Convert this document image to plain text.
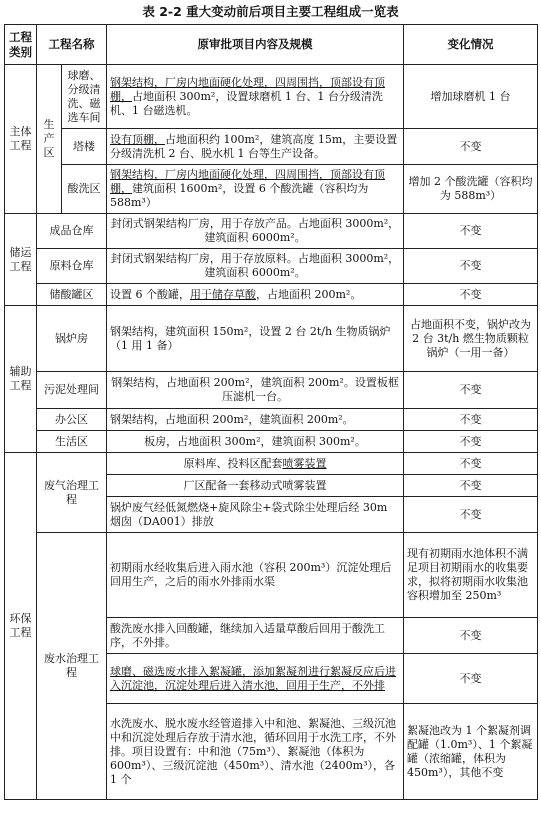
表 2-2 重大变动前后项目主要工程组成一览表
工程类别	工程名称		原审批项目内容及规模	变化情况
主体工程	生产区	球磨、分级清洗、磁选车间	钢架结构，厂房内地面硬化处理，四周围挡，顶部设有顶棚，占地面积 300m²，设置球磨机 1 台、1 台分级清洗机、1 台磁选机。	增加球磨机 1 台
		塔楼	设有顶棚，占地面积约 100m²，建筑高度 15m，主要设置分级清洗机 2 台、脱水机 1 台等生产设备。	不变
		酸洗区	钢架结构，厂房内地面硬化处理，四周围挡，顶部设有顶棚，建筑面积 1600m²，设置 6 个酸洗罐（容积均为 588m³）	增加 2 个酸洗罐（容积均为 588m³）
储运工程	成品仓库		封闭式钢架结构厂房，用于存放产品。占地面积 3000m²，建筑面积 6000m²。	不变
	原料仓库		封闭式钢架结构厂房，用于存放原料。占地面积 3000m²，建筑面积 6000m²。	不变
	储酸罐区		设置 6 个酸罐，用于储存草酸，占地面积 200m²。	不变
辅助工程	锅炉房		钢架结构，建筑面积 150m²，设置 2 台 2t/h 生物质锅炉（1 用 1 备）	占地面积不变，锅炉改为 2 台 3t/h 燃生物质颗粒锅炉（一用一备）
	污泥处理间		钢架结构，占地面积 200m²，建筑面积 200m²。设置板框压滤机一台。	不变
	办公区		钢架结构，占地面积 200m²，建筑面积 200m²。	不变
	生活区		板房，占地面积 300m²，建筑面积 300m²。	不变
环保工程	废气治理工程		原料库、投料区配套喷雾装置	不变
			厂区配备一套移动式喷雾装置	不变
			锅炉废气经低氮燃烧+旋风除尘+袋式除尘处理后经 30m 烟囱（DA001）排放	不变
	废水治理工程		初期雨水经收集后进入雨水池（容积 200m³）沉淀处理后回用生产，之后的雨水外排雨水渠	现有初期雨水池体积不满足项目初期雨水的收集要求，拟将初期雨水收集池容积增加至 250m³
			酸洗废水排入回酸罐，继续加入适量草酸后回用于酸洗工序，不外排。	不变
			球磨、磁选废水排入絮凝罐，添加絮凝剂进行絮凝反应后进入沉淀池，沉淀处理后进入清水池，回用于生产，不外排	不变
			水洗废水、脱水废水经管道排入中和池、絮凝池、三级沉池中和沉淀处理后存放于清水池，循环回用于水洗工序，不外排。项目设置有：中和池（75m³）、絮凝池（体积为 600m³）、三级沉淀池（450m³）、清水池（2400m³），各 1 个	絮凝池改为 1 个絮凝剂调配罐（1.0m³）、1 个絮凝罐（浓缩罐，体积为 450m³），其他不变
